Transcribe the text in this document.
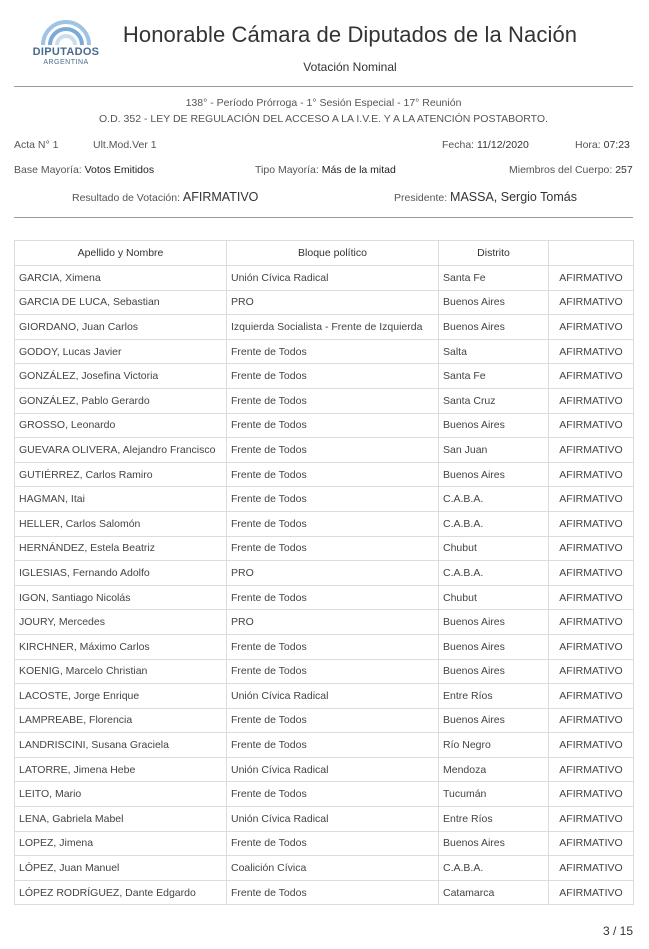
DIPUTADOS
ARGENTINA
Honorable Cámara de Diputados de la Nación
Votación Nominal
138° - Período Prórroga - 1° Sesión Especial - 17° Reunión
O.D. 352 - LEY DE REGULACIÓN DEL ACCESO A LA I.V.E. Y A LA ATENCIÓN POSTABORTO.
Acta N° 1	Ult.Mod.Ver 1	Fecha: 11/12/2020	Hora: 07:23
Base Mayoría: Votos Emitidos	Tipo Mayoría: Más de la mitad	Miembros del Cuerpo: 257
Resultado de Votación: AFIRMATIVO	Presidente: MASSA, Sergio Tomás
Apellido y Nombre	Bloque político	Distrito	
GARCIA, Ximena	Unión Cívica Radical	Santa Fe	AFIRMATIVO
GARCIA DE LUCA, Sebastian	PRO	Buenos Aires	AFIRMATIVO
GIORDANO, Juan Carlos	Izquierda Socialista - Frente de Izquierda	Buenos Aires	AFIRMATIVO
GODOY, Lucas Javier	Frente de Todos	Salta	AFIRMATIVO
GONZÁLEZ, Josefina Victoria	Frente de Todos	Santa Fe	AFIRMATIVO
GONZÁLEZ, Pablo Gerardo	Frente de Todos	Santa Cruz	AFIRMATIVO
GROSSO, Leonardo	Frente de Todos	Buenos Aires	AFIRMATIVO
GUEVARA OLIVERA, Alejandro Francisco	Frente de Todos	San Juan	AFIRMATIVO
GUTIÉRREZ, Carlos Ramiro	Frente de Todos	Buenos Aires	AFIRMATIVO
HAGMAN, Itai	Frente de Todos	C.A.B.A.	AFIRMATIVO
HELLER, Carlos Salomón	Frente de Todos	C.A.B.A.	AFIRMATIVO
HERNÁNDEZ, Estela Beatriz	Frente de Todos	Chubut	AFIRMATIVO
IGLESIAS, Fernando Adolfo	PRO	C.A.B.A.	AFIRMATIVO
IGON, Santiago Nicolás	Frente de Todos	Chubut	AFIRMATIVO
JOURY, Mercedes	PRO	Buenos Aires	AFIRMATIVO
KIRCHNER, Máximo Carlos	Frente de Todos	Buenos Aires	AFIRMATIVO
KOENIG, Marcelo Christian	Frente de Todos	Buenos Aires	AFIRMATIVO
LACOSTE, Jorge Enrique	Unión Cívica Radical	Entre Ríos	AFIRMATIVO
LAMPREABE, Florencia	Frente de Todos	Buenos Aires	AFIRMATIVO
LANDRISCINI, Susana Graciela	Frente de Todos	Río Negro	AFIRMATIVO
LATORRE, Jimena Hebe	Unión Cívica Radical	Mendoza	AFIRMATIVO
LEITO, Mario	Frente de Todos	Tucumán	AFIRMATIVO
LENA, Gabriela Mabel	Unión Cívica Radical	Entre Ríos	AFIRMATIVO
LOPEZ, Jimena	Frente de Todos	Buenos Aires	AFIRMATIVO
LÓPEZ, Juan Manuel	Coalición Cívica	C.A.B.A.	AFIRMATIVO
LÓPEZ RODRÍGUEZ, Dante Edgardo	Frente de Todos	Catamarca	AFIRMATIVO
3 / 15
